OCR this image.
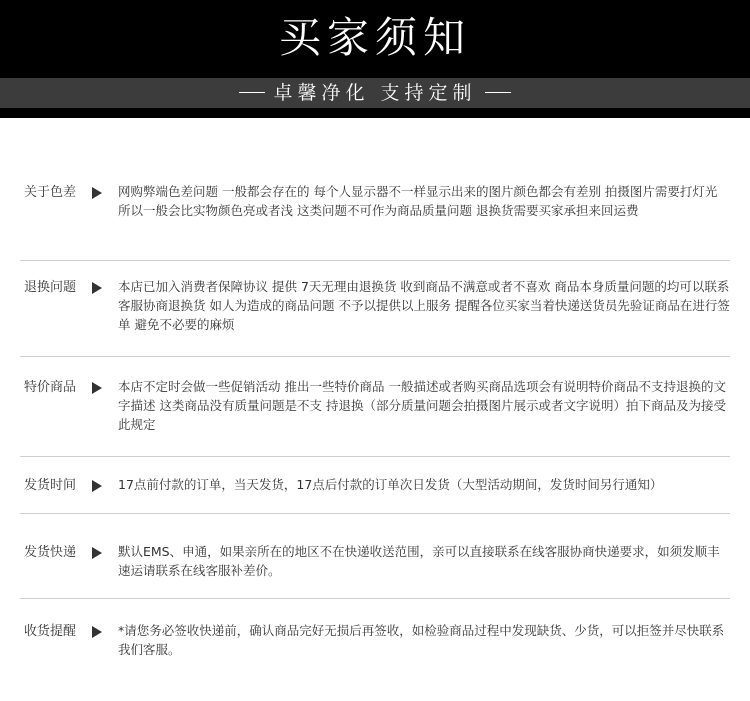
买家须知
卓馨净化 支持定制
关于色差	网购弊端色差问题 一般都会存在的 每个人显示器不一样显示出来的图片颜色都会有差别 拍摄图片需要打灯光 所以一般会比实物颜色亮或者浅 这类问题不可作为商品质量问题 退换货需要买家承担来回运费
退换问题	本店已加入消费者保障协议 提供 7天无理由退换货 收到商品不满意或者不喜欢 商品本身质量问题的均可以联系客服协商退换货 如人为造成的商品问题 不予以提供以上服务 提醒各位买家当着快递送货员先验证商品在进行签单 避免不必要的麻烦
特价商品	本店不定时会做一些促销活动 推出一些特价商品 一般描述或者购买商品选项会有说明特价商品不支持退换的文字描述 这类商品没有质量问题是不支 持退换（部分质量问题会拍摄图片展示或者文字说明）拍下商品及为接受此规定
发货时间	17点前付款的订单，当天发货，17点后付款的订单次日发货（大型活动期间，发货时间另行通知）
发货快递	默认EMS、申通，如果亲所在的地区不在快递收送范围，亲可以直接联系在线客服协商快递要求，如须发顺丰速运请联系在线客服补差价。
收货提醒	*请您务必签收快递前，确认商品完好无损后再签收，如检验商品过程中发现缺货、少货，可以拒签并尽快联系我们客服。
